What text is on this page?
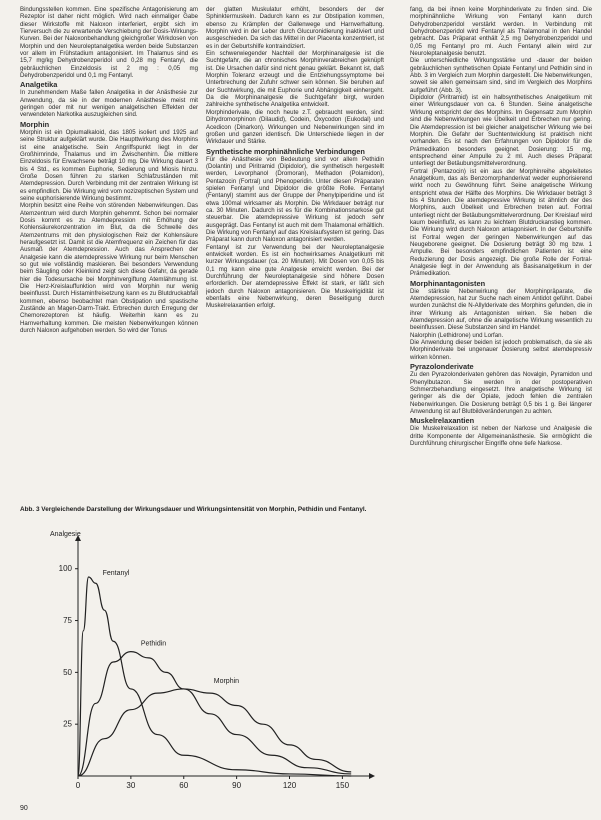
Bindungsstellen kommen. Eine spezifische Antagonisierung am Rezeptor ist daher nicht möglich. Wird nach einmaliger Gabe dieser Wirkstoffe mit Naloxon interferiert, ergibt sich im Tierversuch die zu erwartende Verschiebung der Dosis-Wirkungs-Kurven. Bei der Naloxonbehandlung gleichgroßer Wirkdosen von Morphin und den Neuroleptanalgetika werden beide Substanzen vor allem im Frühstadium antagonisiert. Im Thalamus sind es 15,7 mg/kg Dehydrobenzperidol und 0,28 mg Fentanyl, die gebräuchlichen Einzeldosis ist 2 mg : 0,05 mg Dehydrobenzperidol und 0,1 mg Fentanyl.

Analgetika

In zunehmendem Maße fallen Analgetika in der Anästhesie zur Anwendung, da sie in der modernen Anästhesie meist mit geringen oder mit nur wenigen analgetischen Effekten der verwendeten Narkotika auszugleichen sind.

Morphin

Morphin ist ein Opiumalkaloid, das 1805 isoliert und 1925 auf seine Struktur aufgeklärt wurde. Die Haupttwirkung des Morphins ist eine analgetische. Sein Angriffspunkt liegt in der Großhirnrinde, Thalamus und im Zwischenhirn. Die mittlere Einzeldosis für Erwachsene beträgt 10 mg. Die Wirkung dauert 3 bis 4 Std., es kommen Euphorie, Sedierung und Miosis hinzu. Große Dosen führen zu starken Schlafzuständen mit Atemdepression. Durch Verbindung mit der zentralen Wirkung ist es empfindlich. Die Wirkung wird vom nozizeptischen System und seine euphorisierende Wirkung bestimmt.

Morphin besitzt eine Reihe von störenden Nebenwirkungen. Das Atemzentrum wird durch Morphin gehemmt. Schon bei normaler Dosis kommt es zu Atemdepression mit Erhöhung der Kohlensäurekonzentration im Blut, da die Schwelle des Atemzentrums mit den physiologischen Reiz der Kohlensäure heraufgesetzt ist. Damit ist die Atemfrequenz ein Zeichen für das Ausmaß der Atemdepression. Auch das Ansprechen der Analgesie kann die atemdepressive Wirkung nur beim Menschen so gut wie vollständig maskieren. Bei besonders Verwendung beim Säugling oder Kleinkind zeigt sich diese Gefahr, da gerade hier die Todesursache bei Morphinvergiftung Atemlähmung ist. Die Herz-Kreislauffunktion wird von Morphin nur wenig beeinflusst. Durch Histaminfreisetzung kann es zu Blutdruckabfall kommen, ebenso beobachtet man Obstipation und spastische Zustände an Magen-Darm-Trakt. Erbrechen durch Erregung der Chemorezeptoren ist häufig. Weiterhin kann es zu Harnverhaltung kommen. Die meisten Nebenwirkungen können durch Naloxon aufgehoben werden. So wird der Tonus

der glatten Muskulatur erhöht, besonders der der Sphinktermuskeln. Dadurch kann es zur Obstipation kommen, ebenso zu Krämpfen der Gallenwege und Harnverhaltung. Morphin wird in der Leber durch Glucuronidierung inaktiviert und ausgeschieden. Da sich das Mittel in der Placenta konzentriert, ist es in der Geburtshilfe kontraindiziert.

Ein schwerwiegender Nachteil der Morphinanalgesie ist die Suchtgefahr, die an chronisches Morphinverabreichen geknüpft ist. Die Ursachen dafür sind nicht genau geklärt. Bekannt ist, daß Morphin Toleranz erzeugt und die Entziehungssymptome bei Unterbrechung der Zufuhr schwer sein können. Sie beruhen auf der Suchtwirkung, die mit Euphorie und Abhängigkeit einhergeht. Da die Morphinanalgesie die Suchtgefahr birgt, wurden zahlreiche synthetische Analgetika entwickelt.

Morphinderivate, die noch heute z.T. gebraucht werden, sind: Dihydromorphinon (Dilaudid), Codein, Oxycodon (Eukodal) und Acedicon (Dinarkon). Wirkungen und Nebenwirkungen sind im großen und ganzen identisch. Die Unterschiede liegen in der Wirkdauer und Stärke.

Synthetische morphinähnliche Verbindungen

Für die Anästhesie von Bedeutung sind vor allem Pethidin (Dolantin) und Piritramid (Dipidolor), die synthetisch hergestellt werden, Levorphanol (Dromoran), Methadon (Polamidon), Pentazocin (Fortral) und Phenoperidin. Unter diesen Präparaten spielen Fentanyl und Dipidolor die größte Rolle. Fentanyl (Fentanyl) stammt aus der Gruppe der Phenylpiperidine und ist etwa 100mal wirksamer als Morphin. Die Wirkdauer beträgt nur ca. 30 Minuten. Dadurch ist es für die Kombinationsnarkose gut steuerbar. Die atemdepressive Wirkung ist jedoch sehr ausgeprägt. Das Fentanyl ist auch mit dem Thalamonal erhältlich. Die Wirkung von Fentanyl auf das Kreislaufsystem ist gering. Das Präparat kann durch Naloxon antagonisiert werden.

Fentanyl ist zur Verwendung bei der Neuroleptanalgesie entwickelt worden. Es ist ein hochwirksames Analgetikum mit kurzer Wirkungsdauer (ca. 20 Minuten). Mit Dosen von 0,05 bis 0,1 mg kann eine gute Analgesie erreicht werden. Bei der Durchführung der Neuroleptanalgesie sind höhere Dosen erforderlich. Der atemdepressive Effekt ist stark, er läßt sich jedoch durch Naloxon antagonisieren. Die Muskelrigidität ist ebenfalls eine Nebenwirkung, deren Beseitigung durch Muskelrelaxantien erfolgt.

fang, da bei ihnen keine Morphinderivate zu finden sind. Die morphinähnliche Wirkung von Fentanyl kann durch Dehydrobenzperidol verstärkt werden. In Verbindung mit Dehydrobenzperidol wird Fentanyl als Thalamonal in den Handel gebracht. Das Präparat enthält 2,5 mg Dehydrobenzperidol und 0,05 mg Fentanyl pro ml. Auch Fentanyl allein wird zur Neuroleptanalgesie benutzt.

Die unterschiedliche Wirkungsstärke und -dauer der beiden gebräuchlichen synthetischen Opiate Fentanyl und Pethidin sind in Abb. 3 im Vergleich zum Morphin dargestellt. Die Nebenwirkungen, soweit sie allen gemeinsam sind, sind im Vergleich des Morphins aufgeführt (Abb. 3).

Dipidolor (Piritramid) ist ein halbsynthetisches Analgetikum mit einer Wirkungsdauer von ca. 6 Stunden. Seine analgetische Wirkung entspricht der des Morphins. Im Gegensatz zum Morphin sind die Nebenwirkungen wie Übelkeit und Erbrechen nur gering. Die Atemdepression ist bei gleicher analgetischer Wirkung wie bei Morphin. Die Gefahr der Suchtentwicklung ist praktisch nicht vorhanden. Es ist nach den Erfahrungen von Dipidolor für die Prämedikation besonders geeignet. Dosierung: 15 mg, entsprechend einer Ampulle zu 2 ml. Auch dieses Präparat unterliegt der Betäubungsmittelverordnung.

Fortral (Pentazocin) ist ein aus der Morphinreihe abgeleitetes Analgetikum, das als Benzomorphanderivat weder euphorisierend wirkt noch zu Gewöhnung führt. Seine analgetische Wirkung entspricht etwa der Hälfte des Morphins. Die Wirkdauer beträgt 3 bis 4 Stunden. Die atemdepressive Wirkung ist ähnlich der des Morphins, auch Übelkeit und Erbrechen treten auf. Fortral unterliegt nicht der Betäubungsmittelverordnung. Der Kreislauf wird kaum beeinflußt, es kann zu leichtem Blutdruckanstieg kommen. Die Wirkung wird durch Naloxon antagonisiert. In der Geburtshilfe ist Fortral wegen der geringen Nebenwirkungen auf das Neugeborene geeignet. Die Dosierung beträgt 30 mg bzw. 1 Ampulle. Bei besonders empfindlichen Patienten ist eine Reduzierung der Dosis angezeigt. Die große Rolle der Fortral-Analgesie liegt in der Anwendung als Basisanalgetikum in der Prämedikation.

Morphinantagonisten

Die stärkste Nebenwirkung der Morphinpräparate, die Atemdepression, hat zur Suche nach einem Antidot geführt. Dabei wurden zunächst die N-Allylderivate des Morphins gefunden, die in ihrer Wirkung als Antagonisten wirken. Sie heben die Atemdepression auf, ohne die analgetische Wirkung wesentlich zu beeinflussen. Diese Substanzen sind im Handel:

Nalorphin (Lethidrone) und Lorfan.

Die Anwendung dieser beiden ist jedoch problematisch, da sie als Morphinderivate bei ungenauer Dosierung selbst atemdepressiv wirken können.

Pyrazolonderivate

Zu den Pyrazolonderivaten gehören das Novalgin, Pyramidon und Phenylbutazon. Sie werden in der postoperativen Schmerzbehandlung eingesetzt. Ihre analgetische Wirkung ist geringer als die der Opiate, jedoch fehlen die zentralen Nebenwirkungen. Die Dosierung beträgt 0,5 bis 1 g. Bei längerer Anwendung ist auf Blutbildveränderungen zu achten.

Muskelrelaxantien

Die Muskelrelaxation ist neben der Narkose und Analgesie die dritte Komponente der Allgemeinanästhesie. Sie ermöglicht die Durchführung chirurgischer Eingriffe ohne tiefe Narkose.

Abb. 3 Vergleichende Darstellung der Wirkungsdauer und Wirkungsintensität von Morphin, Pethidin und Fentanyl.
Analgesie
100
75
50
25
0	30	60	90	120	150
Fentanyl
Pethidin
Morphin
90
